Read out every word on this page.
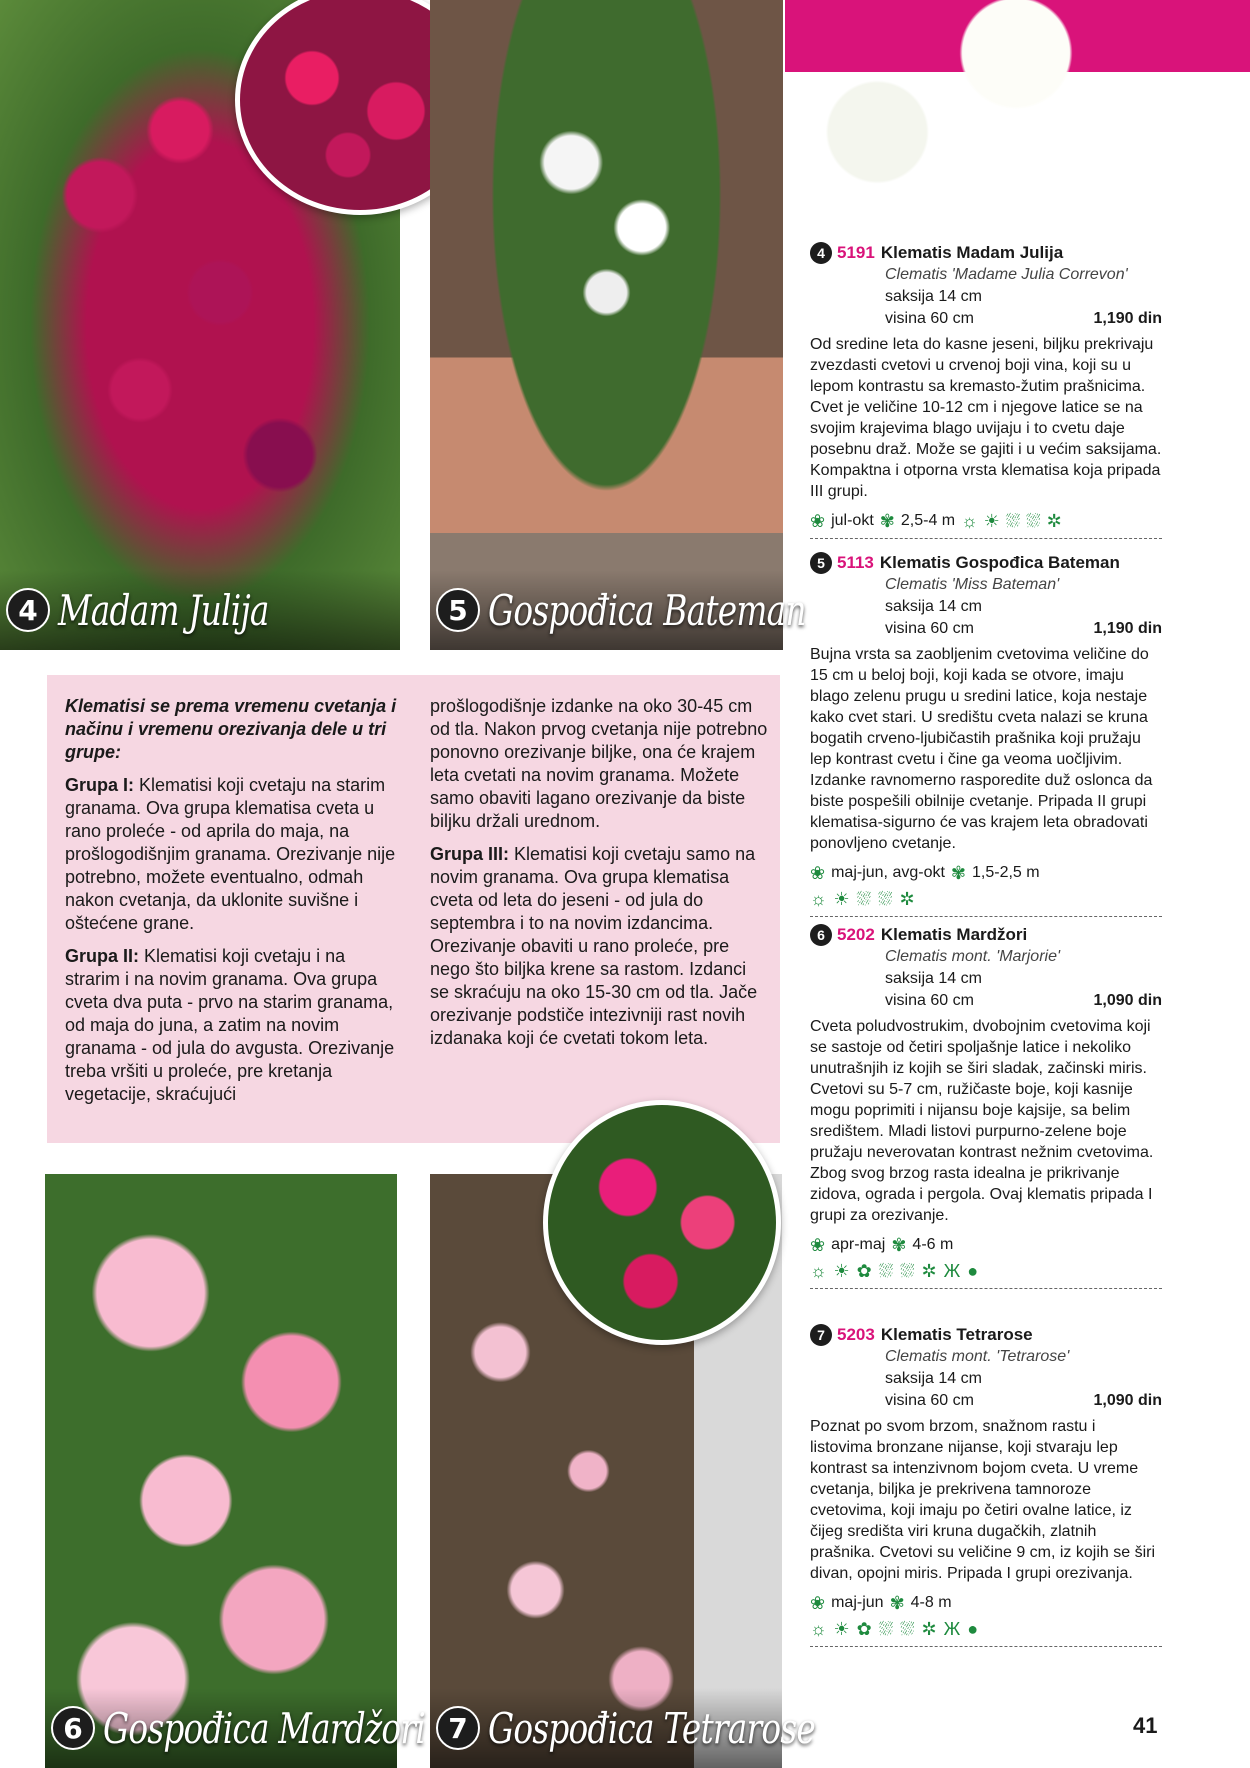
4 Madam Julija	5 Gospođica Bateman

Klematisi se prema vremenu cvetanja i načinu i vremenu orezivanja dele u tri grupe:

Grupa I: Klematisi koji cvetaju na starim granama. Ova grupa klematisa cveta u rano proleće - od aprila do maja, na prošlogodišnjim granama. Orezivanje nije potrebno, možete eventualno, odmah nakon cvetanja, da uklonite suvišne i oštećene grane.

Grupa II: Klematisi koji cvetaju i na strarim i na novim granama. Ova grupa cveta dva puta - prvo na starim granama, od maja do juna, a zatim na novim granama - od jula do avgusta. Orezivanje treba vršiti u proleće, pre kretanja vegetacije, skraćujući

prošlogodišnje izdanke na oko 30-45 cm od tla. Nakon prvog cvetanja nije potrebno ponovno orezivanje biljke, ona će krajem leta cvetati na novim granama. Možete samo obaviti lagano orezivanje da biste biljku držali urednom.

Grupa III: Klematisi koji cvetaju samo na novim granama. Ova grupa klematisa cveta od leta do jeseni - od jula do septembra i to na novim izdancima. Orezivanje obaviti u rano proleće, pre nego što biljka krene sa rastom. Izdanci se skraćuju na oko 15-30 cm od tla. Jače orezivanje podstiče intezivniji rast novih izdanaka koji će cvetati tokom leta.

6 Gospođica Mardžori 7 Gospođica Tetrarose
4 5191 Klematis Madam Julija
Clematis 'Madame Julia Correvon'
saksija 14 cm
visina 60 cm	1,190 din
Od sredine leta do kasne jeseni, biljku prekrivaju zvezdasti cvetovi u crvenoj boji vina, koji su u lepom kontrastu sa kremasto-žutim prašnicima. Cvet je veličine 10-12 cm i njegove latice se na svojim krajevima blago uvijaju i to cvetu daje posebnu draž. Može se gajiti i u većim saksijama. Kompaktna i otporna vrsta klematisa koja pripada III grupi.
❀ jul-okt ✾ 2,5-4 m ☼ ☀ ⛆ ⛆ ✲
5 5113 Klematis Gospođica Bateman
Clematis 'Miss Bateman'
saksija 14 cm
visina 60 cm	1,190 din
Bujna vrsta sa zaobljenim cvetovima veličine do 15 cm u beloj boji, koji kada se otvore, imaju blago zelenu prugu u sredini latice, koja nestaje kako cvet stari. U središtu cveta nalazi se kruna bogatih crveno-ljubičastih prašnika koji pružaju lep kontrast cvetu i čine ga veoma uočljivim. Izdanke ravnomerno rasporedite duž oslonca da biste pospešili obilnije cvetanje. Pripada II grupi klematisa-sigurno će vas krajem leta obradovati ponovljeno cvetanje.
❀ maj-jun, avg-okt ✾ 1,5-2,5 m
☼ ☀ ⛆ ⛆ ✲
6 5202 Klematis Mardžori
Clematis mont. 'Marjorie'
saksija 14 cm
visina 60 cm	1,090 din
Cveta poludvostrukim, dvobojnim cvetovima koji se sastoje od četiri spoljašnje latice i nekoliko unutrašnjih iz kojih se širi sladak, začinski miris. Cvetovi su 5-7 cm, ružičaste boje, koji kasnije mogu poprimiti i nijansu boje kajsije, sa belim središtem. Mladi listovi purpurno-zelene boje pružaju neverovatan kontrast nežnim cvetovima. Zbog svog brzog rasta idealna je prikrivanje zidova, ograda i pergola. Ovaj klematis pripada I grupi za orezivanje.
❀ apr-maj ✾ 4-6 m
☼ ☀ ✿ ⛆ ⛆ ✲ Ж ●
7 5203 Klematis Tetrarose
Clematis mont. 'Tetrarose'
saksija 14 cm
visina 60 cm	1,090 din
Poznat po svom brzom, snažnom rastu i listovima bronzane nijanse, koji stvaraju lep kontrast sa intenzivnom bojom cveta. U vreme cvetanja, biljka je prekrivena tamnoroze cvetovima, koji imaju po četiri ovalne latice, iz čijeg središta viri kruna dugačkih, zlatnih prašnika. Cvetovi su veličine 9 cm, iz kojih se širi divan, opojni miris. Pripada I grupi orezivanja.
❀ maj-jun ✾ 4-8 m
☼ ☀ ✿ ⛆ ⛆ ✲ Ж ●
41
